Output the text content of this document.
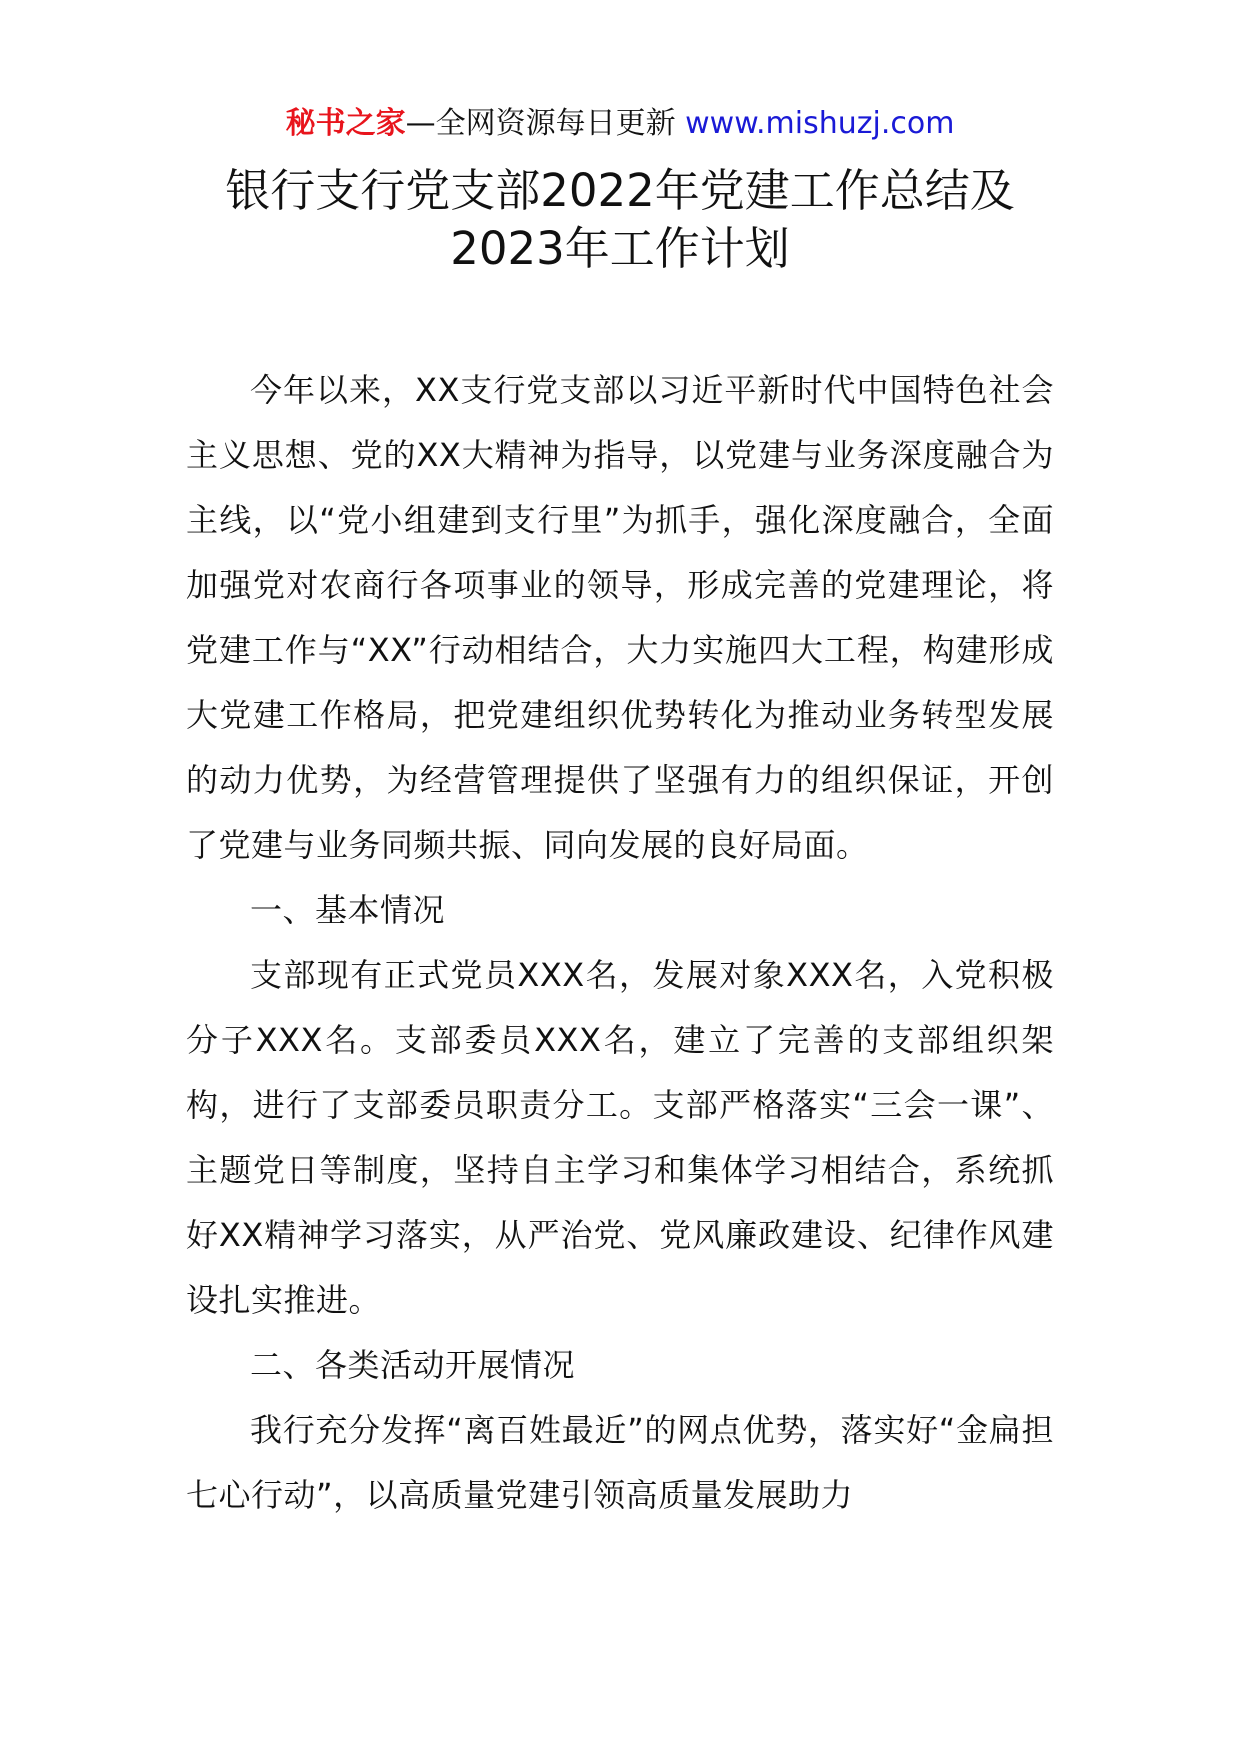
秘书之家—全网资源每日更新 www.mishuzj.com
银行支行党支部2022年党建工作总结及
2023年工作计划

今年以来，XX支行党支部以习近平新时代中国特色社会主义思想、党的XX大精神为指导，以党建与业务深度融合为主线，以“党小组建到支行里”为抓手，强化深度融合，全面加强党对农商行各项事业的领导，形成完善的党建理论，将党建工作与“XX”行动相结合，大力实施四大工程，构建形成大党建工作格局，把党建组织优势转化为推动业务转型发展的动力优势，为经营管理提供了坚强有力的组织保证，开创了党建与业务同频共振、同向发展的良好局面。

一、基本情况

支部现有正式党员XXX名，发展对象XXX名，入党积极分子XXX名。支部委员XXX名，建立了完善的支部组织架构，进行了支部委员职责分工。支部严格落实“三会一课”、主题党日等制度，坚持自主学习和集体学习相结合，系统抓好XX精神学习落实，从严治党、党风廉政建设、纪律作风建设扎实推进。

二、各类活动开展情况

我行充分发挥“离百姓最近”的网点优势，落实好“金扁担七心行动”，以高质量党建引领高质量发展助力
